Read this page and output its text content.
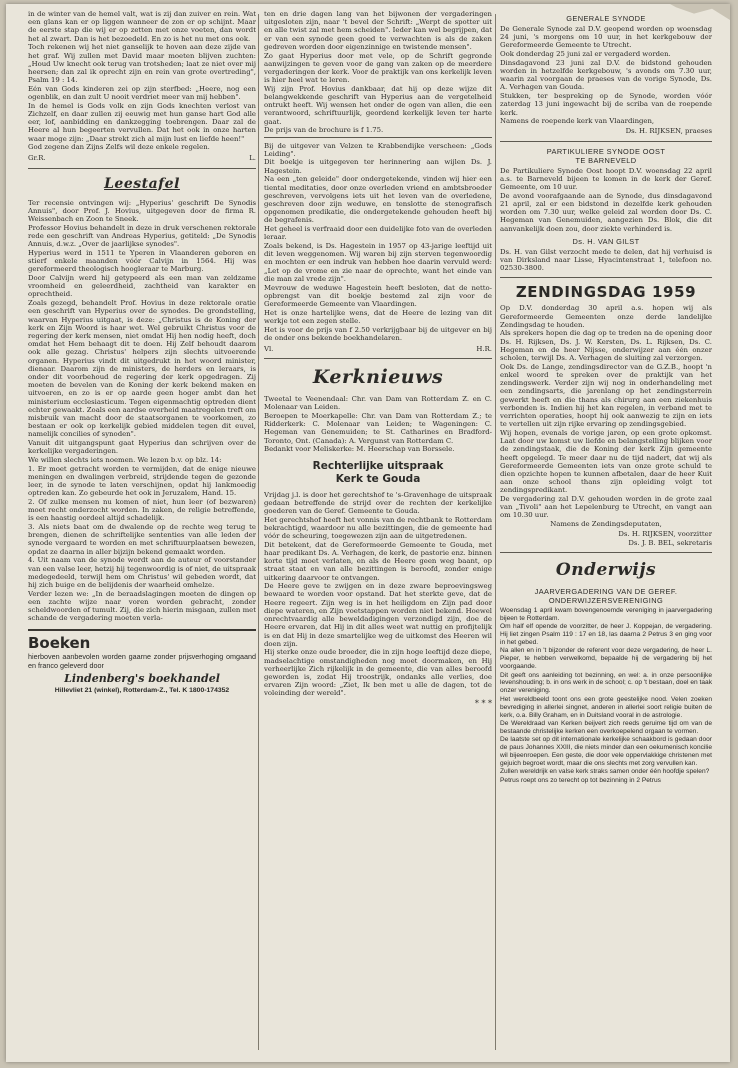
in de winter van de hemel valt, wat is zij dan zuiver en rein. Wat een glans kan er op liggen wanneer de zon er op schijnt. Maar de eerste stap die wij er op zetten met onze voeten, dan wordt het al zwart. Dan is het bezoedeld. En zo is het nu met ons ook.

Toch rekenen wij het niet ganselijk te hoven aan deze zijde van het graf. Wij zullen met David maar moeten blijven zuchten: „Houd Uw knecht ook terug van trotsheden; laat ze niet over mij heersen; dan zal ik oprecht zijn en rein van grote overtreding", Psalm 19 : 14.

Eén van Gods kinderen zei op zijn sterfbed: „Heere, nog een ogenblik, en dan zult U nooit verdriet meer van mij hebben".

In de hemel is Gods volk en zijn Gods knechten verlost van Zichzelf, en daar zullen zij eeuwig met hun ganse hart God alle eer, lof, aanbidding en dankzegging toebrengen. Daar zal de Heere al hun begeerten vervullen. Dat het ook in onze harten waar moge zijn: „Daar strekt zich al mijn lust en liefde heen!"

God zegene dan Zijns Zelfs wil deze enkele regelen.

Gr.R.	L.
Leestafel

Ter recensie ontvingen wij: „Hyperius' geschrift De Synodis Annuis", door Prof. J. Hovius, uitgegeven door de firma R. Weissenbach en Zoon te Sneek.

Professor Hovius behandelt in deze in druk verschenen rektorale rede een geschrift van Andreas Hyperius, getiteld: „De Synodis Annuis, d.w.z. „Over de jaarlijkse synodes".

Hyperius werd in 1511 te Yperen in Vlaanderen geboren en stierf enkele maanden vóór Calvijn in 1564. Hij was gereformeerd theologisch hoogleraar te Marburg.

Door Calvijn werd hij getypeerd als een man van zeldzame vroomheid en geleerdheid, zachtheid van karakter en oprechtheid.

Zoals gezegd, behandelt Prof. Hovius in deze rektorale oratie een geschrift van Hyperius over de synodes. De grondstelling, waarvan Hyperius uitgaat, is deze: „Christus is de Koning der kerk en Zijn Woord is haar wet. Wel gebruikt Christus voor de regering der kerk mensen, niet omdat Hij hen nodig heeft, doch omdat het Hem behaagt dit te doen. Hij Zelf behoudt daarom ook alle gezag. Christus' helpers zijn slechts uitvoerende organen. Hyperius vindt dit uitgedrukt in het woord minister, dienaar. Daarom zijn de ministers, de herders en leraars, is onder dit voorbehoud de regering der kerk opgedragen. Zij moeten de bevelen van de Koning der kerk bekend maken en uitvoeren, en zo is er op aarde geen hoger ambt dan het ministerium ecclesiasticum. Tegen eigenmachtig optreden dient echter gewaakt. Zoals een aardse overheid maatregelen treft om misbruik van macht door de staatsorganen te voorkomen, zo bestaan er ook op kerkelijk gebied middelen tegen dit euvel, namelijk concilies of synoden".

Vanuit dit uitgangspunt gaat Hyperius dan schrijven over de kerkelijke vergaderingen.

We willen slechts iets noemen. We lezen b.v. op blz. 14:

1. Er moet getracht worden te vermijden, dat de enige nieuwe meningen en dwalingen verbreid, strijdende tegen de gezonde leer, in de synode te laten verschijnen, opdat hij lankmoedig optreden kan. Zo gebeurde het ook in Jeruzalem, Hand. 15.

2. Of zulke mensen nu komen of niet, hun leer (of bezwaren) moet recht onderzocht worden. In zaken, de religie betreffende, is een haastig oordeel altijd schadelijk.

3. Als niets baat om de dwalende op de rechte weg terug te brengen, dienen de schriftelijke sententies van alle leden der synode vergaard te worden en met schriftuurplaatsen bewezen, opdat ze daarna in aller bijzijn bekend gemaakt worden.

4. Uit naam van de synode wordt aan de auteur of voorstander van een valse leer, hetzij hij tegenwoordig is of niet, de uitspraak medegedeeld, terwijl hem om Christus' wil gebeden wordt, dat hij zich buige en de belijdenis der waarheid omhelze.

Verder lezen we: „In de beraadslagingen moeten de dingen op een zachte wijze naar voren worden gebracht, zonder scheldwoorden of tumult. Zij, die zich hierin misgaan, zullen met schande de vergadering moeten verla-

Boeken
hierboven aanbevolen worden gaarne zonder prijsverhoging omgaand en franco geleverd door
Lindenberg's boekhandel
Hillevliet 21 (winkel), Rotterdam-Z., Tel. K 1800-174352

ten en drie dagen lang van het bijwonen der vergaderingen uitgesloten zijn, naar 't bevel der Schrift: „Werpt de spotter uit en alle twist zal met hem scheiden". Ieder kan wel begrijpen, dat er van een synode geen goed te verwachten is als de zaken gedreven worden door eigenzinnige en twistende mensen".

Zo gaat Hyperius door met vele, op de Schrift gegronde aanwijzingen te geven voor de gang van zaken op de meerdere vergaderingen der kerk. Voor de praktijk van ons kerkelijk leven is hier heel wat te leren.

Wij zijn Prof. Hovius dankbaar, dat hij op deze wijze dit belangwekkende geschrift van Hyperius aan de vergetelheid ontrukt heeft. Wij wensen het onder de ogen van allen, die een verantwoord, schriftuurlijk, geordend kerkelijk leven ter harte gaat.

De prijs van de brochure is f 1.75.

Bij de uitgever van Velzen te Krabbendijke verscheen: „Gods Leiding".

Dit boekje is uitgegeven ter herinnering aan wijlen Ds. J. Hagestein.

Na een „ten geleide" door ondergetekende, vinden wij hier een tiental meditaties, door onze overleden vriend en ambtsbroeder geschreven, vervolgens iets uit het leven van de overledene, geschreven door zijn weduwe, en tenslotte de stenografisch opgenomen predikatie, die ondergetekende gehouden heeft bij de begrafenis.

Het geheel is verfraaid door een duidelijke foto van de overleden leraar.

Zoals bekend, is Ds. Hagestein in 1957 op 43-jarige leeftijd uit dit leven weggenomen. Wij waren bij zijn sterven tegenwoordig en mochten er een indruk van hebben hoe daarin vervuld werd: „Let op de vrome en zie naar de oprechte, want het einde van die man zal vrede zijn".

Mevrouw de weduwe Hagestein heeft besloten, dat de netto-opbrengst van dit boekje bestemd zal zijn voor de Gereformeerde Gemeente van Vlaardingen.

Het is onze hartelijke wens, dat de Heere de lezing van dit werkje tot een zegen stelle.

Het is voor de prijs van f 2.50 verkrijgbaar bij de uitgever en bij de onder ons bekende boekhandelaren.

Vl.	H.R.
Kerknieuws

Tweetal te Veenendaal: Chr. van Dam van Rotterdam Z. en C. Molenaar van Leiden.

Beroepen te Moerkapelle: Chr. van Dam van Rotterdam Z.; te Ridderkerk: C. Molenaar van Leiden; te Wageningen: C. Hegeman van Genemuiden; te St. Catharines en Bradford-Toronto, Ont. (Canada): A. Vergunst van Rotterdam C.

Bedankt voor Meliskerke: M. Heerschap van Borssele.

Rechterlijke uitspraak
Kerk te Gouda

Vrijdag j.l. is door het gerechtshof te 's-Gravenhage de uitspraak gedaan betreffende de strijd over de rechten der kerkelijke goederen van de Geref. Gemeente te Gouda.

Het gerechtshof heeft het vonnis van de rechtbank te Rotterdam bekrachtigd, waardoor nu alle bezittingen, die de gemeente had vóór de scheuring, toegewezen zijn aan de uitgetredenen.

Dit betekent, dat de Gereformeerde Gemeente te Gouda, met haar predikant Ds. A. Verhagen, de kerk, de pastorie enz. binnen korte tijd moet verlaten, en als de Heere geen weg baant, op straat staat en van alle bezittingen is beroofd, zonder enige uitkering daarvoor te ontvangen.

De Heere geve te zwijgen en in deze zware beproevingsweg bewaard te worden voor opstand. Dat het sterkte geve, dat de Heere regeert. Zijn weg is in het heiligdom en Zijn pad door diepe wateren, en Zijn voetstappen worden niet bekend. Hoewel onrechtvaardig alle beweldadigingen verzondigd zijn, doe de Heere ervaren, dat Hij in dit alles weet wat nuttig en profijtelijk is en dat Hij in deze smartelijke weg de uitkomst des Heeren wil doen zijn.

Hij sterke onze oude broeder, die in zijn hoge leeftijd deze diepe, madselachtige omstandigheden nog moet doormaken, en Hij verheerlijke Zich rijkelijk in de gemeente, die van alles beroofd geworden is, zodat Hij troostrijk, ondanks alle verlies, doe ervaren Zijn woord: „Ziet, Ik ben met u alle de dagen, tot de voleinding der wereld".

* * *
GENERALE SYNODE

De Generale Synode zal D.V. geopend worden op woensdag 24 juni, 's morgens om 10 uur, in het kerkgebouw der Gereformeerde Gemeente te Utrecht.

Ook donderdag 25 juni zal er vergaderd worden.

Dinsdagavond 23 juni zal D.V. de bidstond gehouden worden in hetzelfde kerkgebouw, 's avonds om 7.30 uur, waarin zal voorgaan de praeses van de vorige Synode, Ds. A. Verhagen van Gouda.

Stukken, ter bespreking op de Synode, worden vóór zaterdag 13 juni ingewacht bij de scriba van de roepende kerk.

Namens de roepende kerk van Vlaardingen,

Ds. H. RIJKSEN, praeses
PARTIKULIERE SYNODE OOST
TE BARNEVELD

De Partikuliere Synode Oost hoopt D.V. woensdag 22 april a.s. te Barneveld bijeen te komen in de kerk der Geref. Gemeente, om 10 uur.

De avond voorafgaande aan de Synode, dus dinsdagavond 21 april, zal er een bidstond in dezelfde kerk gehouden worden om 7.30 uur, welke geleid zal worden door Ds. C. Hegeman van Genemuiden, aangezien Ds. Blok, die dit aanvankelijk doen zou, door ziekte verhinderd is.

Ds. H. VAN GILST

Ds. H. van Gilst verzocht mede te delen, dat hij verhuisd is van Dirksland naar Lisse, Hyacintenstraat 1, telefoon no. 02530-3800.

ZENDINGSDAG 1959

Op D.V. donderdag 30 april a.s. hopen wij als Gereformeerde Gemeenten onze derde landelijke Zendingsdag te houden.

Als sprekers hopen die dag op te treden na de opening door Ds. H. Rijksen, Ds. J. W. Kersten, Ds. L. Rijksen, Ds. C. Hegeman en de heer Nijsse, onderwijzer aan één onzer scholen, terwijl Ds. A. Verhagen de sluiting zal verzorgen.

Ook Ds. de Lange, zendingsdirector van de G.Z.B., hoopt 'n enkel woord te spreken over de praktijk van het zendingswerk. Verder zijn wij nog in onderhandeling met een zendingsarts, die jarenlang op het zendingsterrein gewerkt heeft en die thans als chirurg aan een ziekenhuis verbonden is. Indien hij het kan regelen, in verband met te verrichten operaties, hoopt hij ook aanwezig te zijn en iets te vertellen uit zijn rijke ervaring op zendingsgebied.

Wij hopen, evenals de vorige jaren, op een grote opkomst. Laat door uw komst uw liefde en belangstelling blijken voor de zendingstaak, die de Koning der kerk Zijn gemeente heeft opgelegd. Te meer daar nu de tijd nadert, dat wij als Gereformeerde Gemeenten iets van onze grote schuld te dien opzichte hopen te kunnen afbetalen, daar de heer Kuit aan onze school thans zijn opleiding volgt tot zendingspredikant.

De vergadering zal D.V. gehouden worden in de grote zaal van „Tivoli" aan het Lepelenburg te Utrecht, en vangt aan om 10.30 uur.

Namens de Zendingsdeputaten,

Ds. H. RIJKSEN, voorzitter
Ds. J. B. BEL, sekretaris
Onderwijs
JAARVERGADERING VAN DE GEREF.
ONDERWIJZERSVERENIGING

Woensdag 1 april kwam bovengenoemde vereniging in jaarvergadering bijeen te Rotterdam.

Om half elf opende de voorzitter, de heer J. Koppejan, de vergadering. Hij liet zingen Psalm 119 : 17 en 18, las daarna 2 Petrus 3 en ging voor in het gebed.

Na allen en in 't bijzonder de referent voor deze vergadering, de heer L. Pieper, te hebben verwelkomd, bepaalde hij de vergadering bij het voorgaande.

Dit geeft ons aanleiding tot bezinning, en wel: a. in onze persoonlijke levenshouding; b. in ons werk in de school; c. op 't bestaan, doel en taak onzer vereniging.

Het wereldbeeld toont ons een grote geestelijke nood. Velen zoeken bevrediging in allerlei singnet, anderen in allerlei soort religie buiten de kerk, o.a. Billy Graham, en in Duitsland vooral in de astrologie.

De Wereldraad van Kerken beijvert zich reeds geruime tijd om van de bestaande christelijke kerken een overkoepelend orgaan te vormen.

De laatste set op dit internationale kerkelijke schaakbord is gedaan door de paus Johannes XXIII, die niets minder dan een oekumenisch koncilie wil bijeenroepen. Een geste, die door vele oppervlakkige christenen met gejuich begroet wordt, maar die ons slechts met zorg vervullen kan.

Zullen wereldrijk en valse kerk straks samen onder één hoofdje spelen?

Petrus roept ons zo terecht op tot bezinning in 2 Petrus
